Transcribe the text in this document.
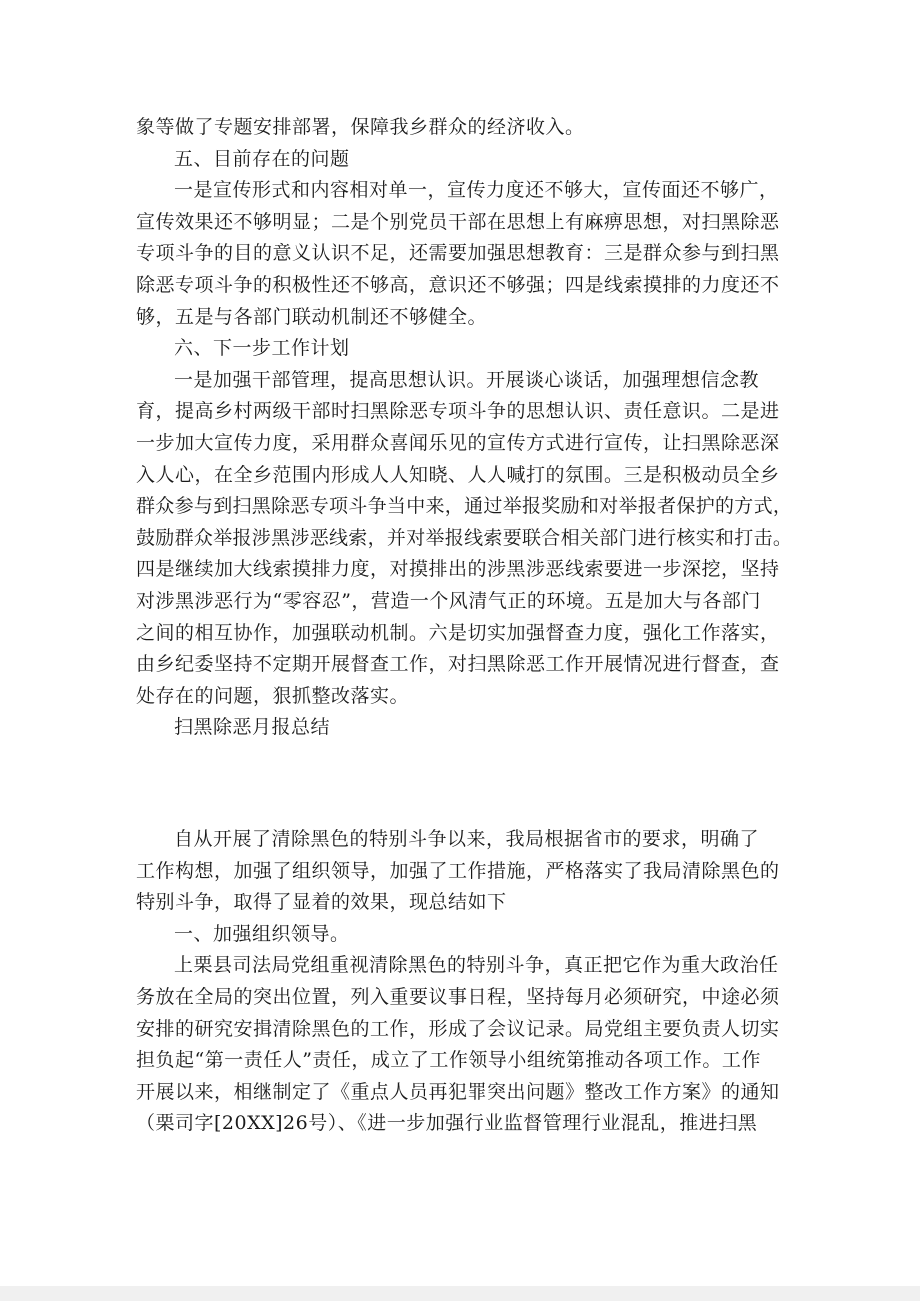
象等做了专题安排部署，保障我乡群众的经济收入。
五、目前存在的问题
一是宣传形式和内容相对单一，宣传力度还不够大，宣传面还不够广，
宣传效果还不够明显；二是个别党员干部在思想上有麻痹思想，对扫黑除恶
专项斗争的目的意义认识不足，还需要加强思想教育：三是群众参与到扫黑
除恶专项斗争的积极性还不够高，意识还不够强；四是线索摸排的力度还不
够，五是与各部门联动机制还不够健全。
六、下一步工作计划
一是加强干部管理，提高思想认识。开展谈心谈话，加强理想信念教
育，提高乡村两级干部时扫黑除恶专项斗争的思想认识、责任意识。二是进
一步加大宣传力度，采用群众喜闻乐见的宣传方式进行宣传，让扫黑除恶深
入人心，在全乡范围内形成人人知晓、人人喊打的氛围。三是积极动员全乡
群众参与到扫黑除恶专项斗争当中来，通过举报奖励和对举报者保护的方式，
鼓励群众举报涉黑涉恶线索，并对举报线索要联合相关部门进行核实和打击。
四是继续加大线索摸排力度，对摸排出的涉黑涉恶线索要进一步深挖，坚持
对涉黑涉恶行为“零容忍”，营造一个风清气正的环境。五是加大与各部门
之间的相互协作，加强联动机制。六是切实加强督查力度，强化工作落实，
由乡纪委坚持不定期开展督查工作，对扫黑除恶工作开展情况进行督查，查
处存在的问题，狠抓整改落实。
扫黑除恶月报总结
自从开展了清除黑色的特别斗争以来，我局根据省市的要求，明确了
工作构想，加强了组织领导，加强了工作措施，严格落实了我局清除黑色的
特别斗争，取得了显着的效果，现总结如下
一、加强组织领导。
上栗县司法局党组重视清除黑色的特别斗争，真正把它作为重大政治任
务放在全局的突出位置，列入重要议事日程，坚持每月必须研究，中途必须
安排的研究安揖清除黑色的工作，形成了会议记录。局党组主要负责人切实
担负起“第一责任人”责任，成立了工作领导小组统第推动各项工作。工作
开展以来，相继制定了《重点人员再犯罪突出问题》整改工作方案》的通知
（栗司字[20XX]26号）、《进一步加强行业监督管理行业混乱，推进扫黑
